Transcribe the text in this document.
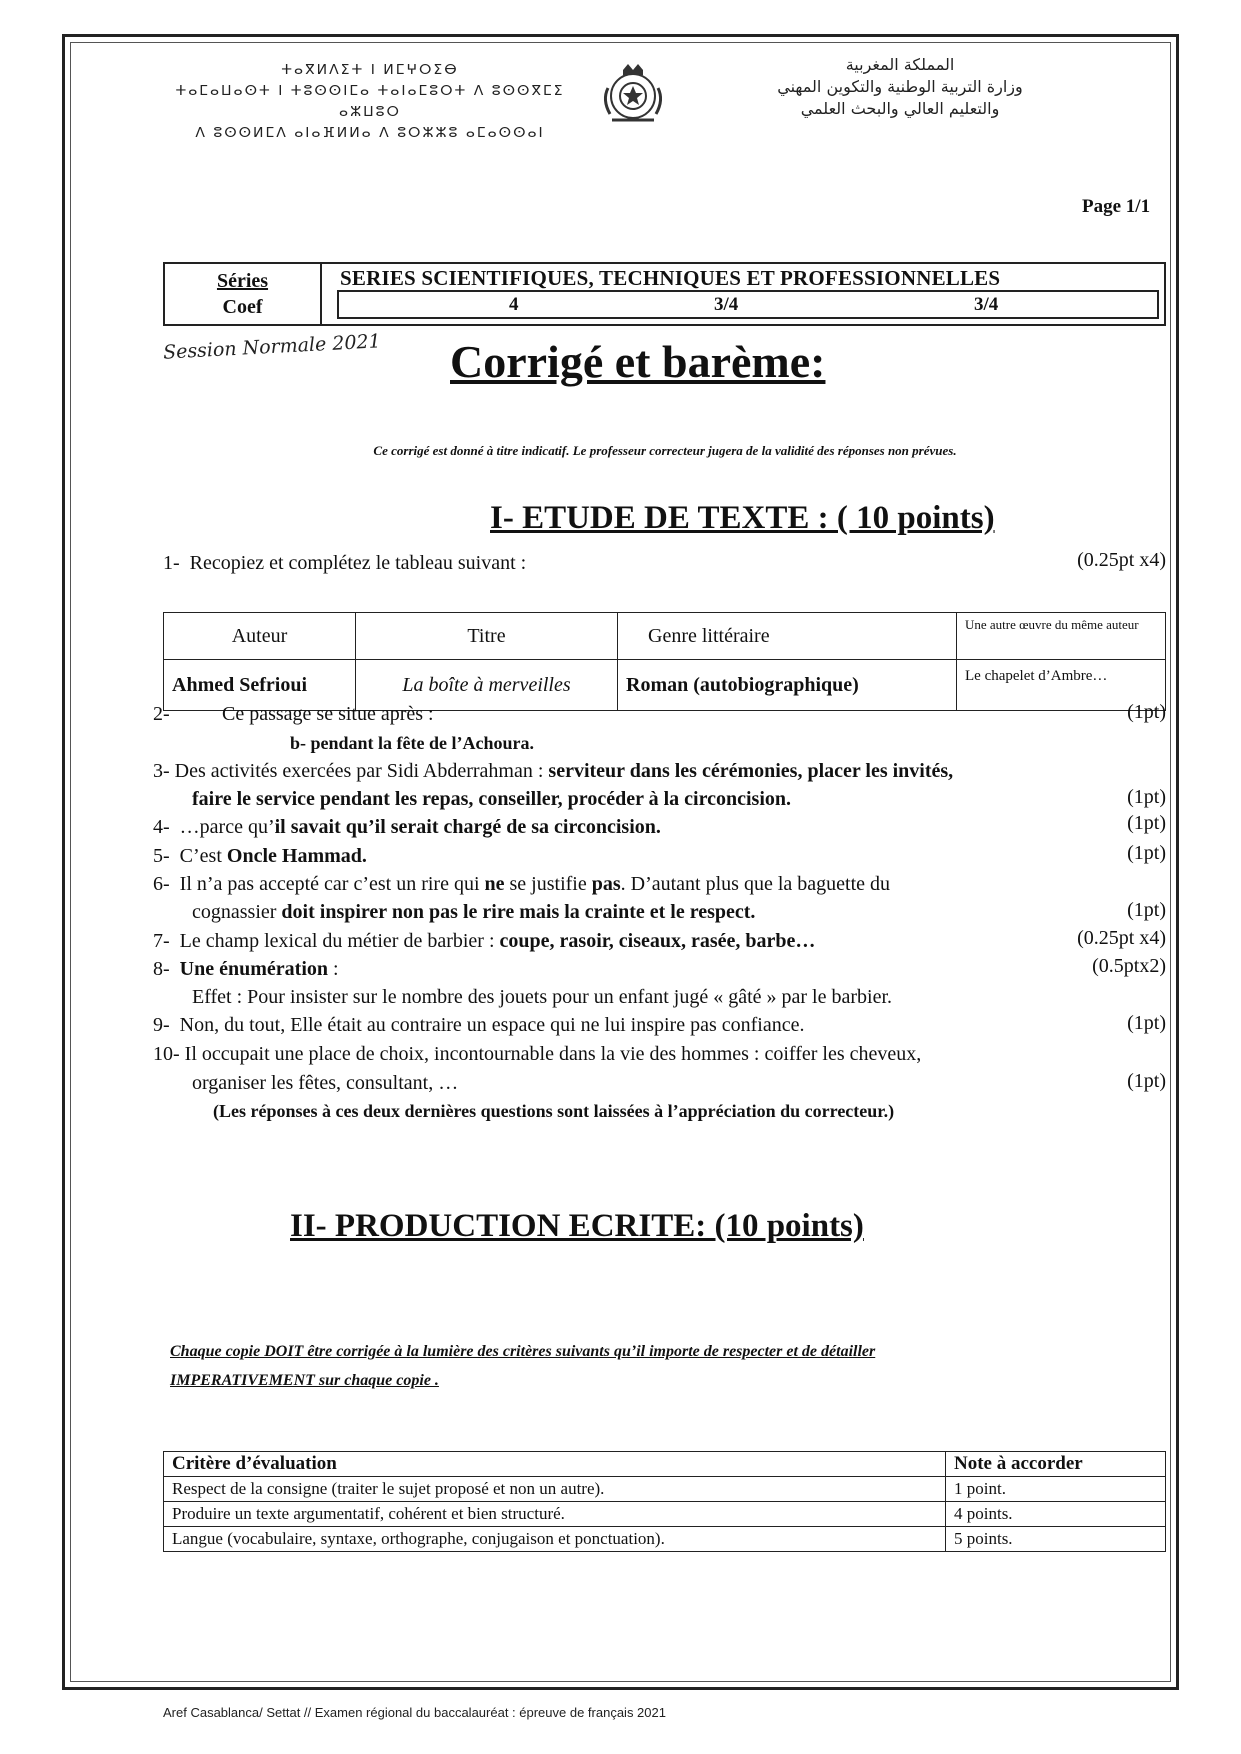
ⵜⴰⴳⵍⴷⵉⵜ ⵏ ⵍⵎⵖⵔⵉⴱ
ⵜⴰⵎⴰⵡⴰⵙⵜ ⵏ ⵜⵓⵙⵙⵏⵎⴰ ⵜⴰⵏⴰⵎⵓⵔⵜ ⴷ ⵓⵙⵙⴳⵎⵉ ⴰⵣⵡⵓⵔ
ⴷ ⵓⵙⵙⵍⵎⴷ ⴰⵏⴰⴼⵍⵍⴰ ⴷ ⵓⵔⵣⵣⵓ ⴰⵎⴰⵙⵙⴰⵏ
المملكة المغربية
وزارة التربية الوطنية والتكوين المهني
والتعليم العالي والبحث العلمي
Page 1/1
Séries
Coef
SERIES SCIENTIFIQUES, TECHNIQUES ET PROFESSIONNELLES
4	3/4	3/4
Session Normale 2021 Corrigé et barème:
Ce corrigé est donné à titre indicatif. Le professeur correcteur jugera de la validité des réponses non prévues.
I- ETUDE DE TEXTE : ( 10 points)
1- Recopiez et complétez le tableau suivant :	(0.25pt x4)
Auteur	Titre	Genre littéraire	Une autre œuvre du même auteur
Ahmed Sefrioui	La boîte à merveilles	Roman (autobiographique)	Le chapelet d’Ambre…
2-	Ce passage se situe après :	(1pt)
b- pendant la fête de l’Achoura.
3- Des activités exercées par Sidi Abderrahman : serviteur dans les cérémonies, placer les invités,
faire le service pendant les repas, conseiller, procéder à la circoncision.	(1pt)
4- …parce qu’il savait qu’il serait chargé de sa circoncision.	(1pt)
5- C’est Oncle Hammad.	(1pt)
6- Il n’a pas accepté car c’est un rire qui ne se justifie pas. D’autant plus que la baguette du
cognassier doit inspirer non pas le rire mais la crainte et le respect.	(1pt)
7- Le champ lexical du métier de barbier : coupe, rasoir, ciseaux, rasée, barbe…	(0.25pt x4)
8- Une énumération :	(0.5ptx2)
Effet : Pour insister sur le nombre des jouets pour un enfant jugé « gâté » par le barbier.
9- Non, du tout, Elle était au contraire un espace qui ne lui inspire pas confiance.	(1pt)
10- Il occupait une place de choix, incontournable dans la vie des hommes : coiffer les cheveux,
organiser les fêtes, consultant, …	(1pt)
(Les réponses à ces deux dernières questions sont laissées à l’appréciation du correcteur.)
II- PRODUCTION ECRITE: (10 points)
Chaque copie DOIT être corrigée à la lumière des critères suivants qu’il importe de respecter et de détailler
IMPERATIVEMENT sur chaque copie .
Critère d’évaluation	Note à accorder
Respect de la consigne (traiter le sujet proposé et non un autre).	1 point.
Produire un texte argumentatif, cohérent et bien structuré.	4 points.
Langue (vocabulaire, syntaxe, orthographe, conjugaison et ponctuation).	5 points.
Aref Casablanca/ Settat // Examen régional du baccalauréat : épreuve de français 2021
